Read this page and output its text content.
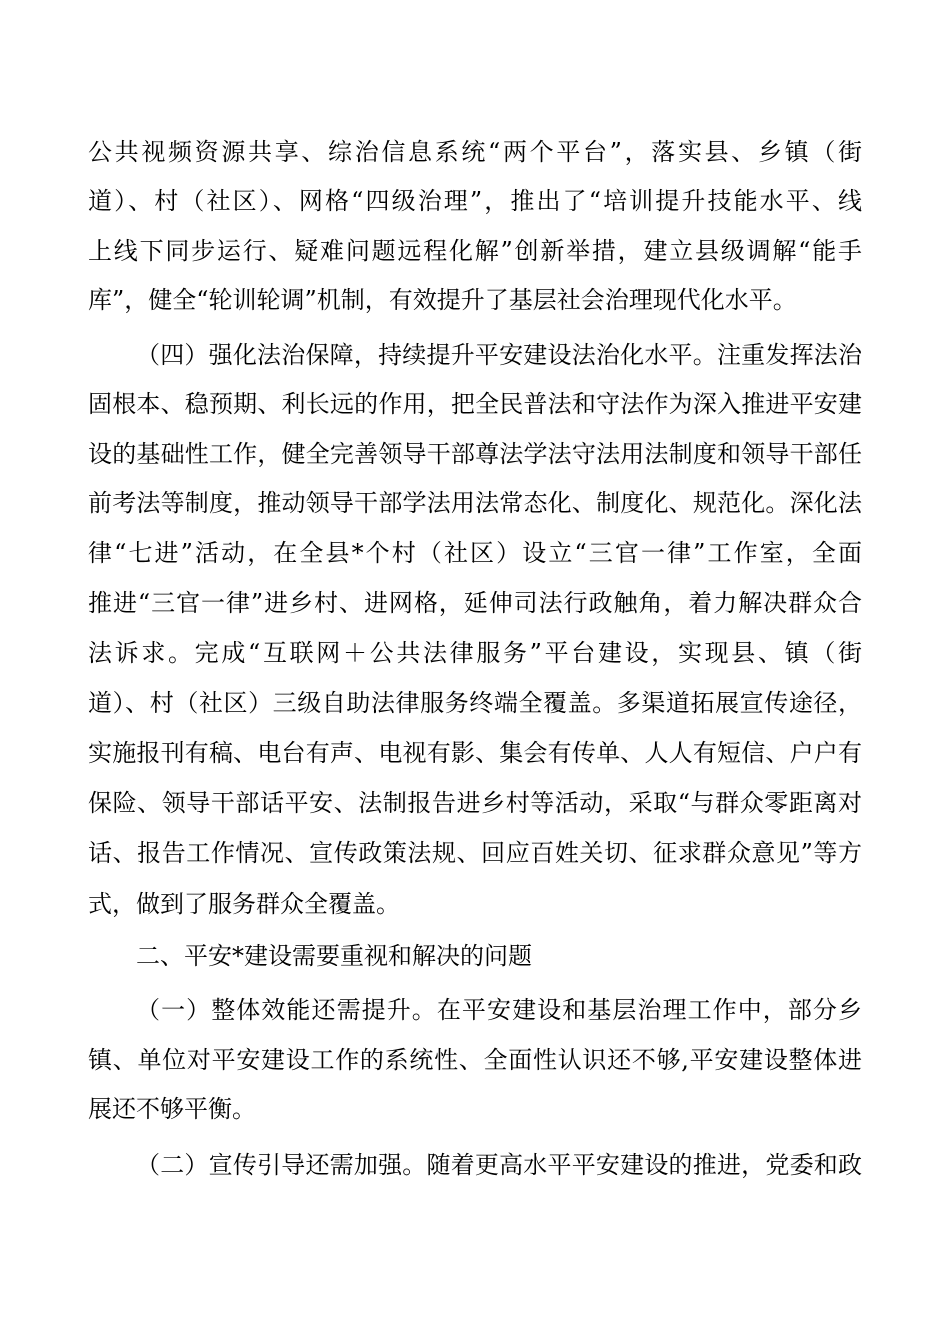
公共视频资源共享、综治信息系统“两个平台”，落实县、乡镇（街
道）、村（社区）、网格“四级治理”，推出了“培训提升技能水平、线
上线下同步运行、疑难问题远程化解”创新举措，建立县级调解“能手
库”，健全“轮训轮调”机制，有效提升了基层社会治理现代化水平。
（四）强化法治保障，持续提升平安建设法治化水平。注重发挥法治
固根本、稳预期、利长远的作用，把全民普法和守法作为深入推进平安建
设的基础性工作，健全完善领导干部尊法学法守法用法制度和领导干部任
前考法等制度，推动领导干部学法用法常态化、制度化、规范化。深化法
律“七进”活动，在全县*个村（社区）设立“三官一律”工作室，全面
推进“三官一律”进乡村、进网格，延伸司法行政触角，着力解决群众合
法诉求。完成“互联网＋公共法律服务”平台建设，实现县、镇（街
道）、村（社区）三级自助法律服务终端全覆盖。多渠道拓展宣传途径，
实施报刊有稿、电台有声、电视有影、集会有传单、人人有短信、户户有
保险、领导干部话平安、法制报告进乡村等活动，采取“与群众零距离对
话、报告工作情况、宣传政策法规、回应百姓关切、征求群众意见”等方
式，做到了服务群众全覆盖。
二、平安*建设需要重视和解决的问题
（一）整体效能还需提升。在平安建设和基层治理工作中，部分乡
镇、单位对平安建设工作的系统性、全面性认识还不够,平安建设整体进
展还不够平衡。
（二）宣传引导还需加强。随着更高水平平安建设的推进，党委和政
